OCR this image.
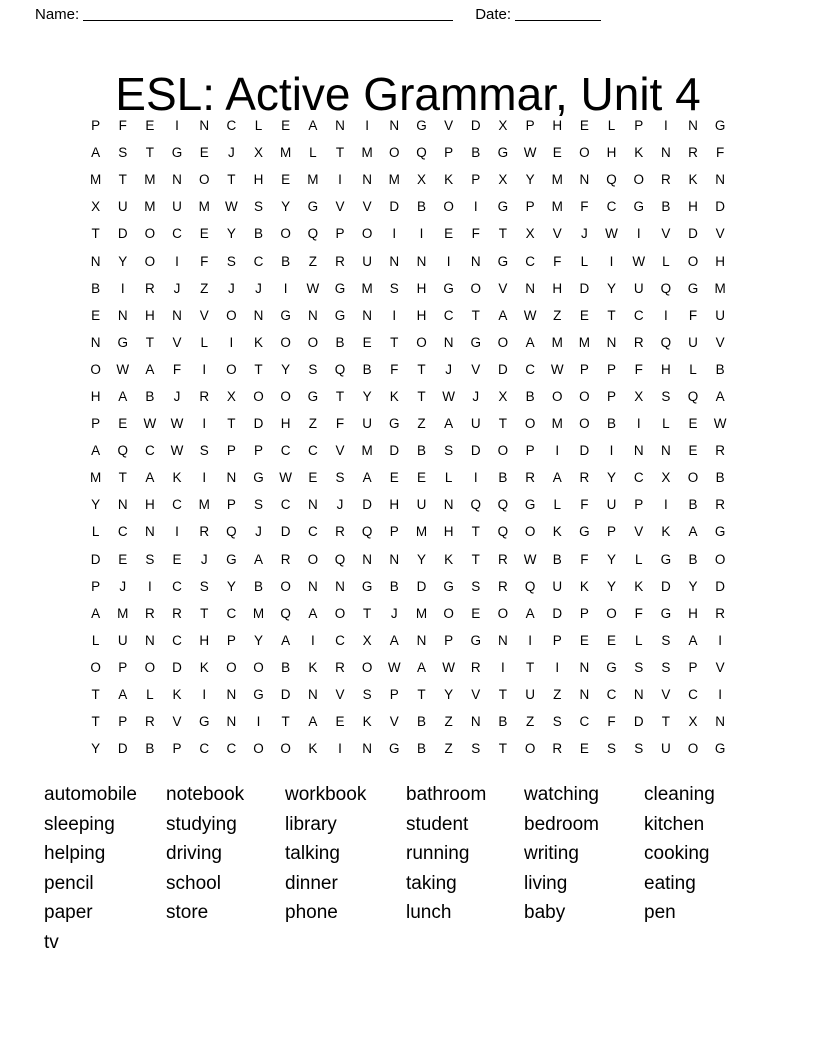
Name:	Date:
ESL: Active Grammar, Unit 4
P	F	E	I	N	C	L	E	A	N	I	N	G	V	D	X	P	H	E	L	P	I	N	G
A	S	T	G	E	J	X	M	L	T	M	O	Q	P	B	G	W	E	O	H	K	N	R	F
M	T	M	N	O	T	H	E	M	I	N	M	X	K	P	X	Y	M	N	Q	O	R	K	N
X	U	M	U	M	W	S	Y	G	V	V	D	B	O	I	G	P	M	F	C	G	B	H	D
T	D	O	C	E	Y	B	O	Q	P	O	I	I	E	F	T	X	V	J	W	I	V	D	V
N	Y	O	I	F	S	C	B	Z	R	U	N	N	I	N	G	C	F	L	I	W	L	O	H
B	I	R	J	Z	J	J	I	W	G	M	S	H	G	O	V	N	H	D	Y	U	Q	G	M
E	N	H	N	V	O	N	G	N	G	N	I	H	C	T	A	W	Z	E	T	C	I	F	U
N	G	T	V	L	I	K	O	O	B	E	T	O	N	G	O	A	M	M	N	R	Q	U	V
O	W	A	F	I	O	T	Y	S	Q	B	F	T	J	V	D	C	W	P	P	F	H	L	B
H	A	B	J	R	X	O	O	G	T	Y	K	T	W	J	X	B	O	O	P	X	S	Q	A
P	E	W	W	I	T	D	H	Z	F	U	G	Z	A	U	T	O	M	O	B	I	L	E	W
A	Q	C	W	S	P	P	C	C	V	M	D	B	S	D	O	P	I	D	I	N	N	E	R
M	T	A	K	I	N	G	W	E	S	A	E	E	L	I	B	R	A	R	Y	C	X	O	B
Y	N	H	C	M	P	S	C	N	J	D	H	U	N	Q	Q	G	L	F	U	P	I	B	R
L	C	N	I	R	Q	J	D	C	R	Q	P	M	H	T	Q	O	K	G	P	V	K	A	G
D	E	S	E	J	G	A	R	O	Q	N	N	Y	K	T	R	W	B	F	Y	L	G	B	O
P	J	I	C	S	Y	B	O	N	N	G	B	D	G	S	R	Q	U	K	Y	K	D	Y	D
A	M	R	R	T	C	M	Q	A	O	T	J	M	O	E	O	A	D	P	O	F	G	H	R
L	U	N	C	H	P	Y	A	I	C	X	A	N	P	G	N	I	P	E	E	L	S	A	I
O	P	O	D	K	O	O	B	K	R	O	W	A	W	R	I	T	I	N	G	S	S	P	V
T	A	L	K	I	N	G	D	N	V	S	P	T	Y	V	T	U	Z	N	C	N	V	C	I
T	P	R	V	G	N	I	T	A	E	K	V	B	Z	N	B	Z	S	C	F	D	T	X	N
Y	D	B	P	C	C	O	O	K	I	N	G	B	Z	S	T	O	R	E	S	S	U	O	G
automobile
sleeping
helping
pencil
paper
tv
notebook
studying
driving
school
store
workbook
library
talking
dinner
phone
bathroom
student
running
taking
lunch
watching
bedroom
writing
living
baby
cleaning
kitchen
cooking
eating
pen
